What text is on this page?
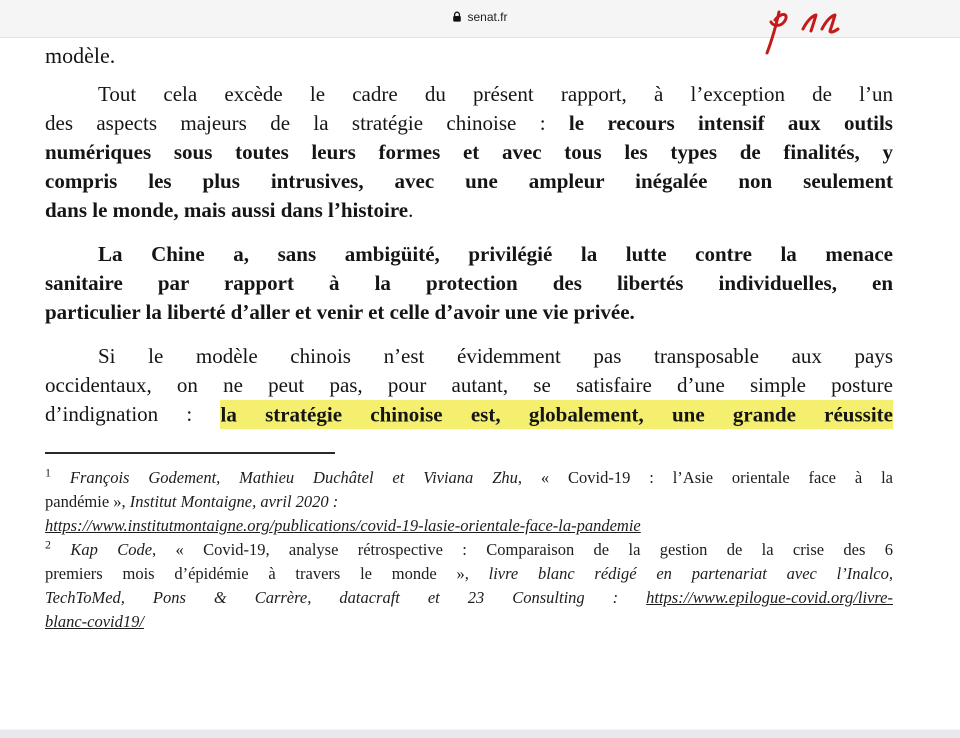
senat.fr
modèle.
Tout cela excède le cadre du présent rapport, à l’exception de l’un
des aspects majeurs de la stratégie chinoise : le recours intensif aux outils
numériques sous toutes leurs formes et avec tous les types de finalités, y
compris les plus intrusives, avec une ampleur inégalée non seulement
dans le monde, mais aussi dans l’histoire.
La Chine a, sans ambigüité, privilégié la lutte contre la menace
sanitaire par rapport à la protection des libertés individuelles, en
particulier la liberté d’aller et venir et celle d’avoir une vie privée.
Si le modèle chinois n’est évidemment pas transposable aux pays
occidentaux, on ne peut pas, pour autant, se satisfaire d’une simple posture
d’indignation : la stratégie chinoise est, globalement, une grande réussite
$^1$ François Godement, Mathieu Duchâtel et Viviana Zhu, « Covid-19 : l’Asie orientale face à la
pandémie », Institut Montaigne, avril 2020 :
https://www.institutmontaigne.org/publications/covid-19-lasie-orientale-face-la-pandemie
$^2$ Kap Code, « Covid-19, analyse rétrospective : Comparaison de la gestion de la crise des 6
premiers mois d’épidémie à travers le monde », livre blanc rédigé en partenariat avec l’Inalco,
TechToMed, Pons & Carrère, datacraft et 23 Consulting : https://www.epilogue-covid.org/livre-
blanc-covid19/
